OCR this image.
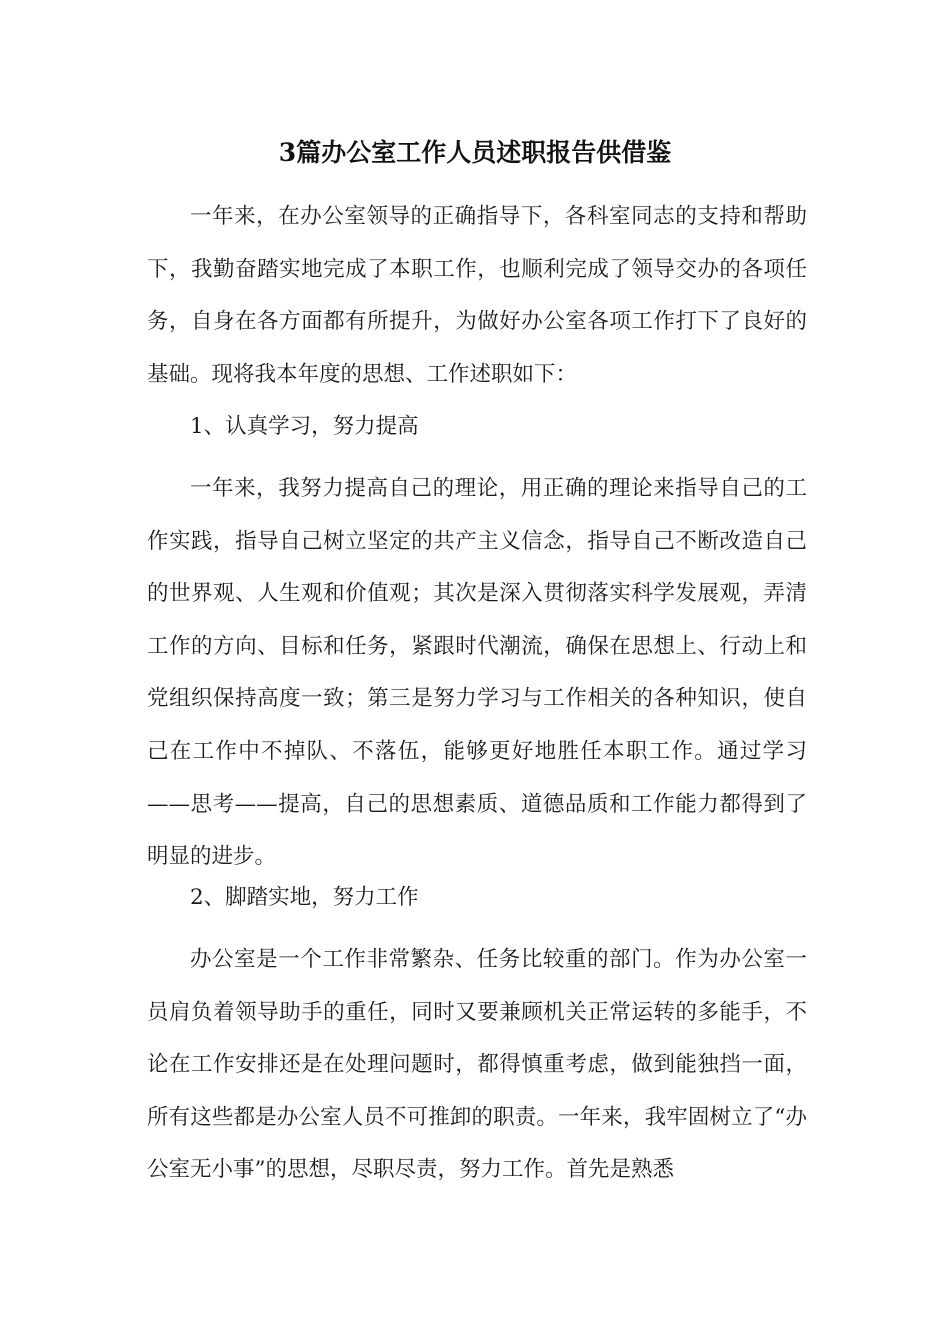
3篇办公室工作人员述职报告供借鉴

一年来，在办公室领导的正确指导下，各科室同志的支持和帮助下，我勤奋踏实地完成了本职工作，也顺利完成了领导交办的各项任务，自身在各方面都有所提升，为做好办公室各项工作打下了良好的基础。现将我本年度的思想、工作述职如下：

1、认真学习，努力提高

一年来，我努力提高自己的理论，用正确的理论来指导自己的工作实践，指导自己树立坚定的共产主义信念，指导自己不断改造自己的世界观、人生观和价值观；其次是深入贯彻落实科学发展观，弄清工作的方向、目标和任务，紧跟时代潮流，确保在思想上、行动上和党组织保持高度一致；第三是努力学习与工作相关的各种知识，使自己在工作中不掉队、不落伍，能够更好地胜任本职工作。通过学习——思考——提高，自己的思想素质、道德品质和工作能力都得到了明显的进步。

2、脚踏实地，努力工作

办公室是一个工作非常繁杂、任务比较重的部门。作为办公室一员肩负着领导助手的重任，同时又要兼顾机关正常运转的多能手，不论在工作安排还是在处理问题时，都得慎重考虑，做到能独挡一面，所有这些都是办公室人员不可推卸的职责。一年来，我牢固树立了“办公室无小事”的思想，尽职尽责，努力工作。首先是熟悉
